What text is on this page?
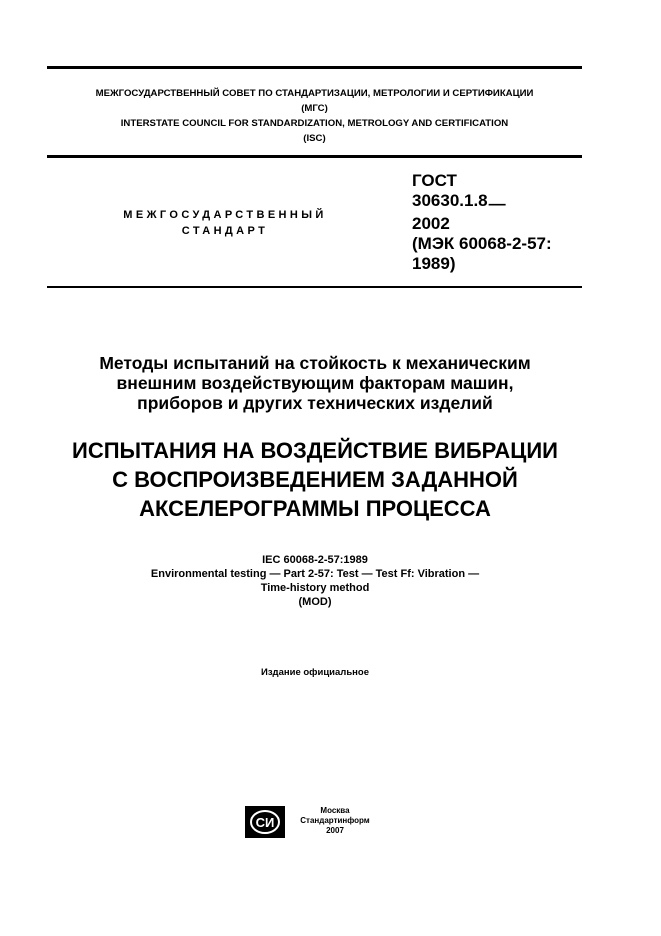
МЕЖГОСУДАРСТВЕННЫЙ СОВЕТ ПО СТАНДАРТИЗАЦИИ, МЕТРОЛОГИИ И СЕРТИФИКАЦИИ
(МГС)
INTERSTATE COUNCIL FOR STANDARDIZATION, METROLOGY AND CERTIFICATION
(ISC)
МЕЖГОСУДАРСТВЕННЫЙ
СТАНДАРТ
ГОСТ
30630.1.8—
2002
(МЭК 60068-2-57:
1989)
Методы испытаний на стойкость к механическим
внешним воздействующим факторам машин,
приборов и других технических изделий
ИСПЫТАНИЯ НА ВОЗДЕЙСТВИЕ ВИБРАЦИИ
С ВОСПРОИЗВЕДЕНИЕМ ЗАДАННОЙ
АКСЕЛЕРОГРАММЫ ПРОЦЕССА
IEC 60068-2-57:1989
Environmental testing — Part 2-57: Test — Test Ff: Vibration —
Time-history method
(MOD)
Издание официальное
СИ
Москва
Стандартинформ
2007
